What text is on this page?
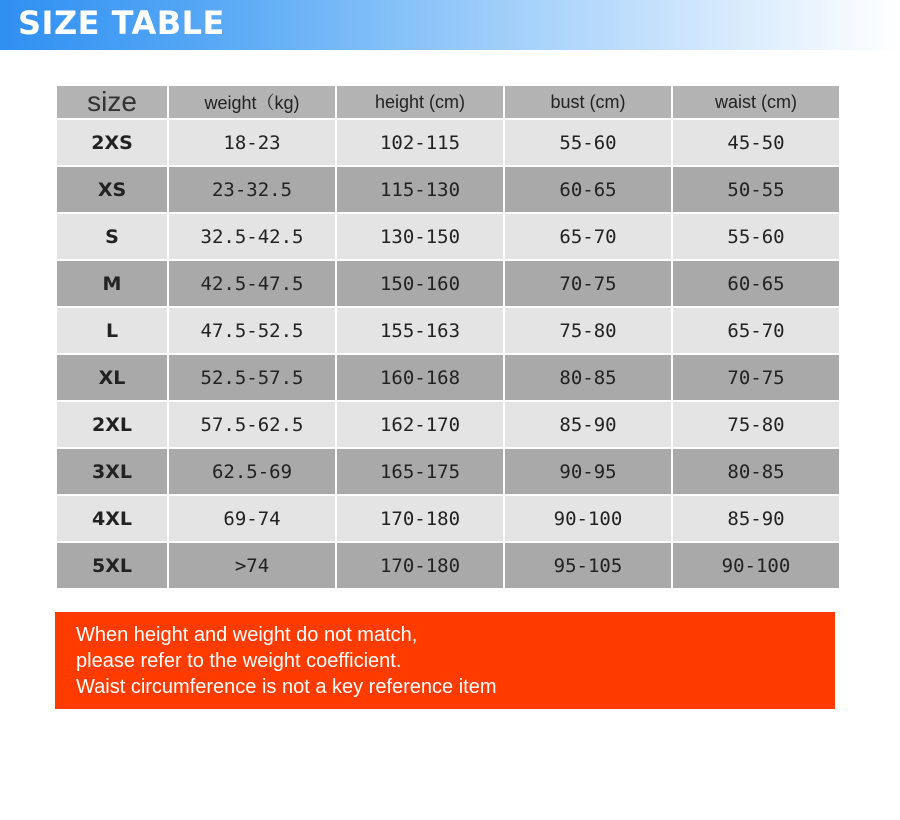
SIZE TABLE
size	weight（kg)	height (cm)	bust (cm)	waist (cm)
2XS	18-23	102-115	55-60	45-50
XS	23-32.5	115-130	60-65	50-55
S	32.5-42.5	130-150	65-70	55-60
M	42.5-47.5	150-160	70-75	60-65
L	47.5-52.5	155-163	75-80	65-70
XL	52.5-57.5	160-168	80-85	70-75
2XL	57.5-62.5	162-170	85-90	75-80
3XL	62.5-69	165-175	90-95	80-85
4XL	69-74	170-180	90-100	85-90
5XL	>74	170-180	95-105	90-100
When height and weight do not match,
please refer to the weight coefficient.
Waist circumference is not a key reference item
